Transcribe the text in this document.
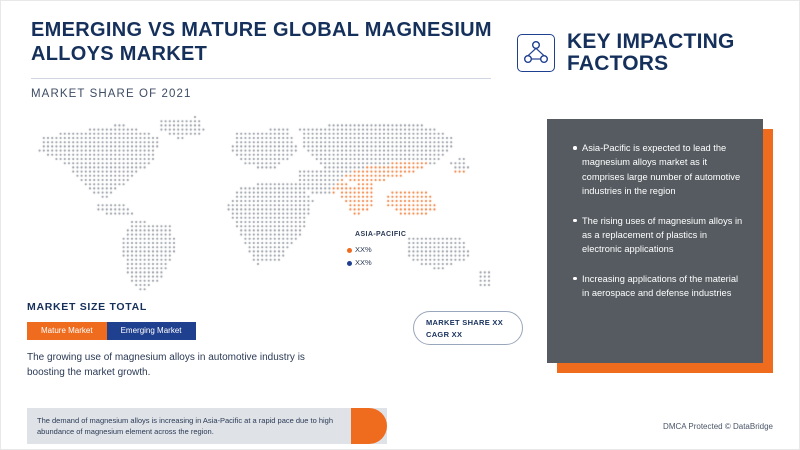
EMERGING VS MATURE GLOBAL MAGNESIUM ALLOYS MARKET

MARKET SHARE OF 2021

ASIA-PACIFIC
XX%
XX%
MARKET SIZE TOTAL
Mature Market	Emerging Market
The growing use of magnesium alloys in automotive industry is boosting the market growth.
MARKET SHARE XX
CAGR XX
The demand of magnesium alloys is increasing in Asia-Pacific at a rapid pace due to high abundance of magnesium element across the region.
KEY IMPACTING FACTORS
Asia-Pacific is expected to lead the magnesium alloys market as it comprises large number of automotive industries in the region
The rising uses of magnesium alloys in as a replacement of plastics in electronic applications
Increasing applications of the material in aerospace and defense industries
DMCA Protected © DataBridge
